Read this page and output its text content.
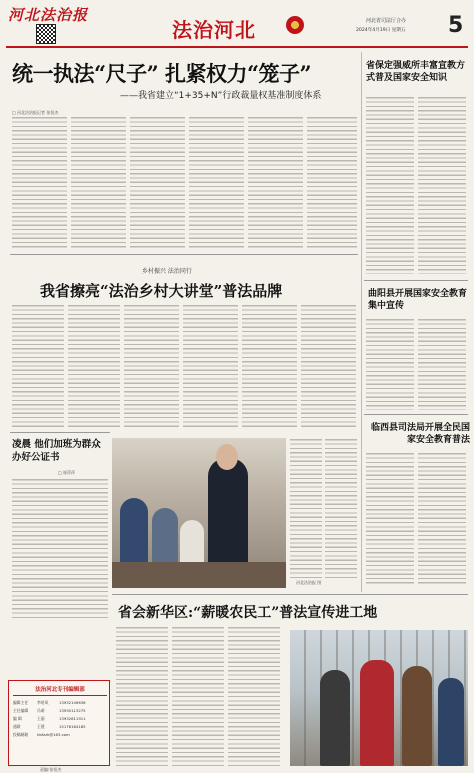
河北法治报
法治河北	河北省司法厅合办
2024年4月19日 星期五 5
统一执法“尺子” 扎紧权力“笼子”
——我省建立“1+35+N”行政裁量权基准制度体系
□ 河北法治报记者 张恒杰
省保定强威所丰富宣教方式普及国家安全知识
曲阳县开展国家安全教育集中宣传
临西县司法局开展全民国家安全教育普法
乡村振兴 法治同行
我省擦亮“法治乡村大讲堂”普法品牌
凌晨 他们加班为群众办好公证书
□ 崔萍萍
河北法治报 图
省会新华区:“薪暖农民工”普法宣传进工地
法治河北专刊编辑部
编辑主任	李培风	13932149636
主任编辑	冯萌	13930113275
编 辑	王丽	13932811911
通联	王建	15176164185
投稿邮箱	hbfzzk@163.com
责编:张恒杰
